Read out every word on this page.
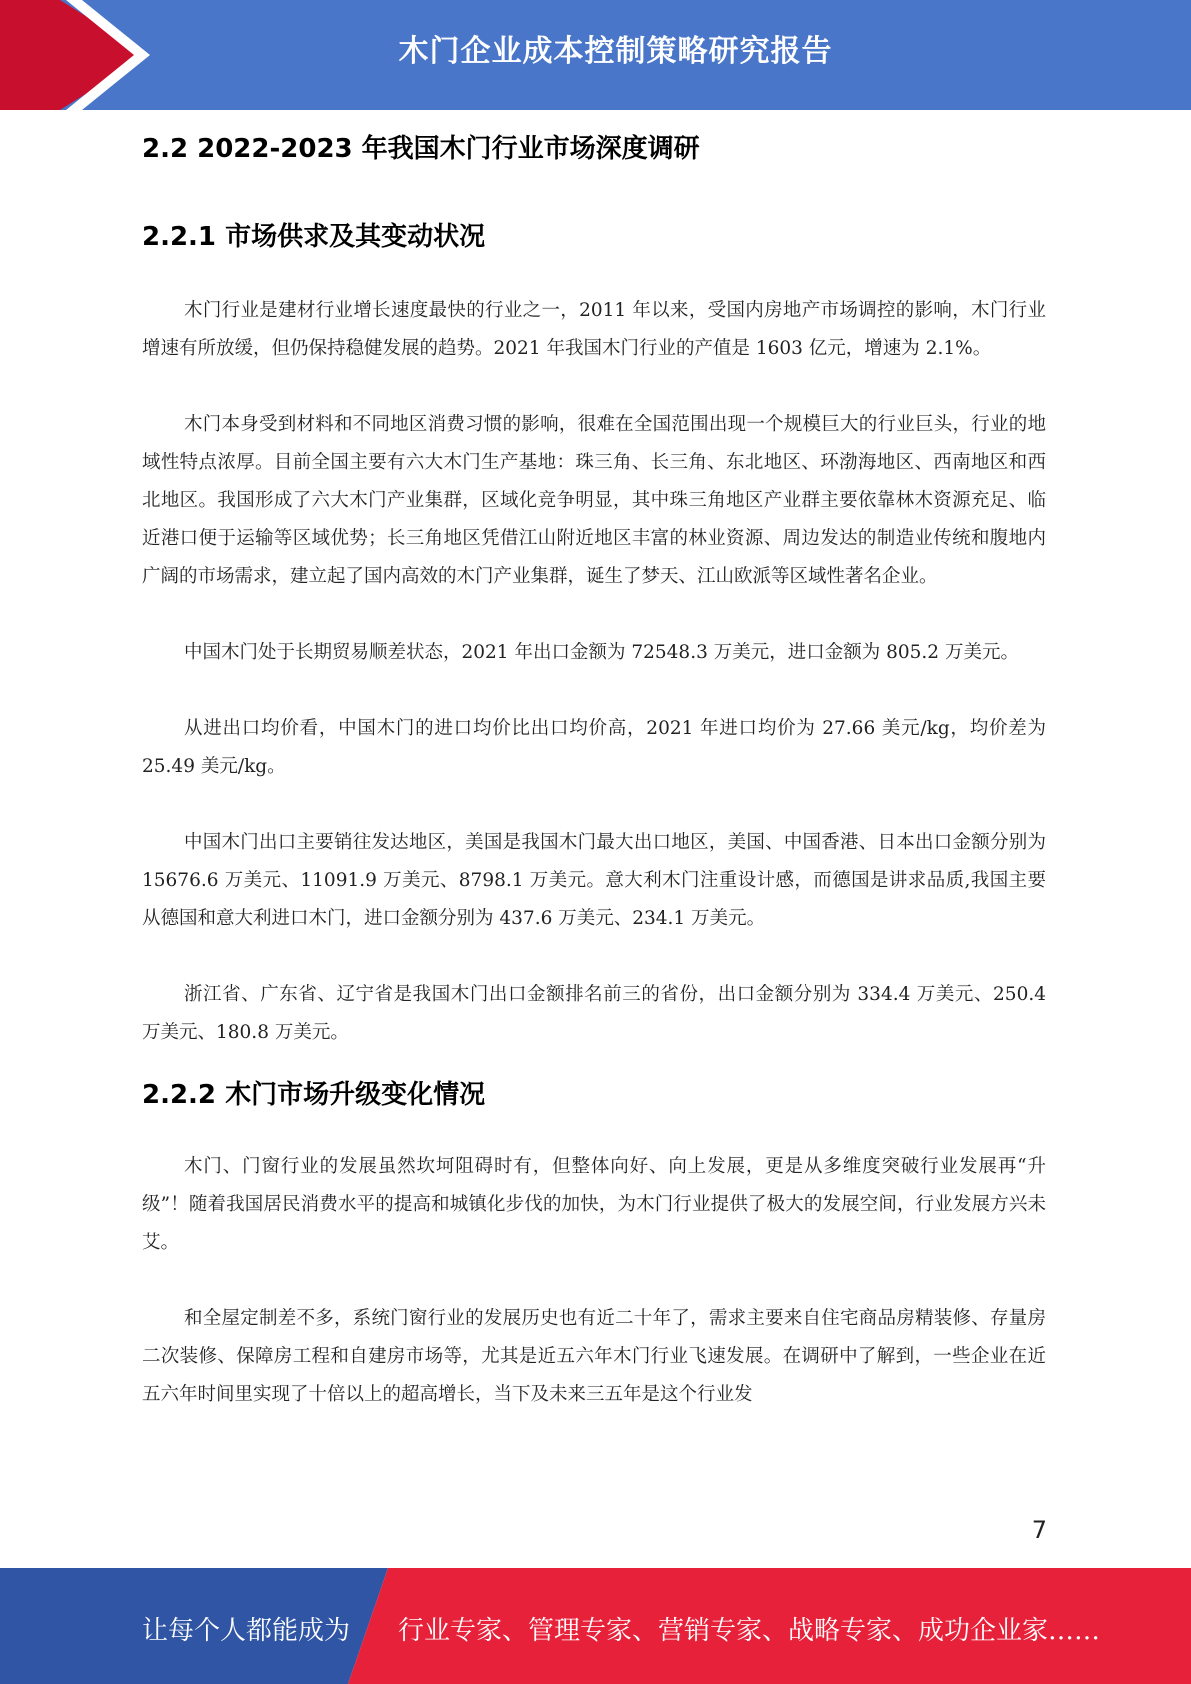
木门企业成本控制策略研究报告
2.2 2022-2023 年我国木门行业市场深度调研
2.2.1 市场供求及其变动状况

木门行业是建材行业增长速度最快的行业之一，2011 年以来，受国内房地产市场调控的影响，木门行业增速有所放缓，但仍保持稳健发展的趋势。2021 年我国木门行业的产值是 1603 亿元，增速为 2.1%。

木门本身受到材料和不同地区消费习惯的影响，很难在全国范围出现一个规模巨大的行业巨头，行业的地域性特点浓厚。目前全国主要有六大木门生产基地：珠三角、长三角、东北地区、环渤海地区、西南地区和西北地区。我国形成了六大木门产业集群，区域化竞争明显，其中珠三角地区产业群主要依靠林木资源充足、临近港口便于运输等区域优势；长三角地区凭借江山附近地区丰富的林业资源、周边发达的制造业传统和腹地内广阔的市场需求，建立起了国内高效的木门产业集群，诞生了梦天、江山欧派等区域性著名企业。

中国木门处于长期贸易顺差状态，2021 年出口金额为 72548.3 万美元，进口金额为 805.2 万美元。

从进出口均价看，中国木门的进口均价比出口均价高，2021 年进口均价为 27.66 美元/kg，均价差为 25.49 美元/kg。

中国木门出口主要销往发达地区，美国是我国木门最大出口地区，美国、中国香港、日本出口金额分别为 15676.6 万美元、11091.9 万美元、8798.1 万美元。意大利木门注重设计感，而德国是讲求品质,我国主要从德国和意大利进口木门，进口金额分别为 437.6 万美元、234.1 万美元。

浙江省、广东省、辽宁省是我国木门出口金额排名前三的省份，出口金额分别为 334.4 万美元、250.4 万美元、180.8 万美元。

2.2.2 木门市场升级变化情况

木门、门窗行业的发展虽然坎坷阻碍时有，但整体向好、向上发展，更是从多维度突破行业发展再“升级”！随着我国居民消费水平的提高和城镇化步伐的加快，为木门行业提供了极大的发展空间，行业发展方兴未艾。

和全屋定制差不多，系统门窗行业的发展历史也有近二十年了，需求主要来自住宅商品房精装修、存量房二次装修、保障房工程和自建房市场等，尤其是近五六年木门行业飞速发展。在调研中了解到，一些企业在近五六年时间里实现了十倍以上的超高增长，当下及未来三五年是这个行业发

7
让每个人都能成为 行业专家、管理专家、营销专家、战略专家、成功企业家……
